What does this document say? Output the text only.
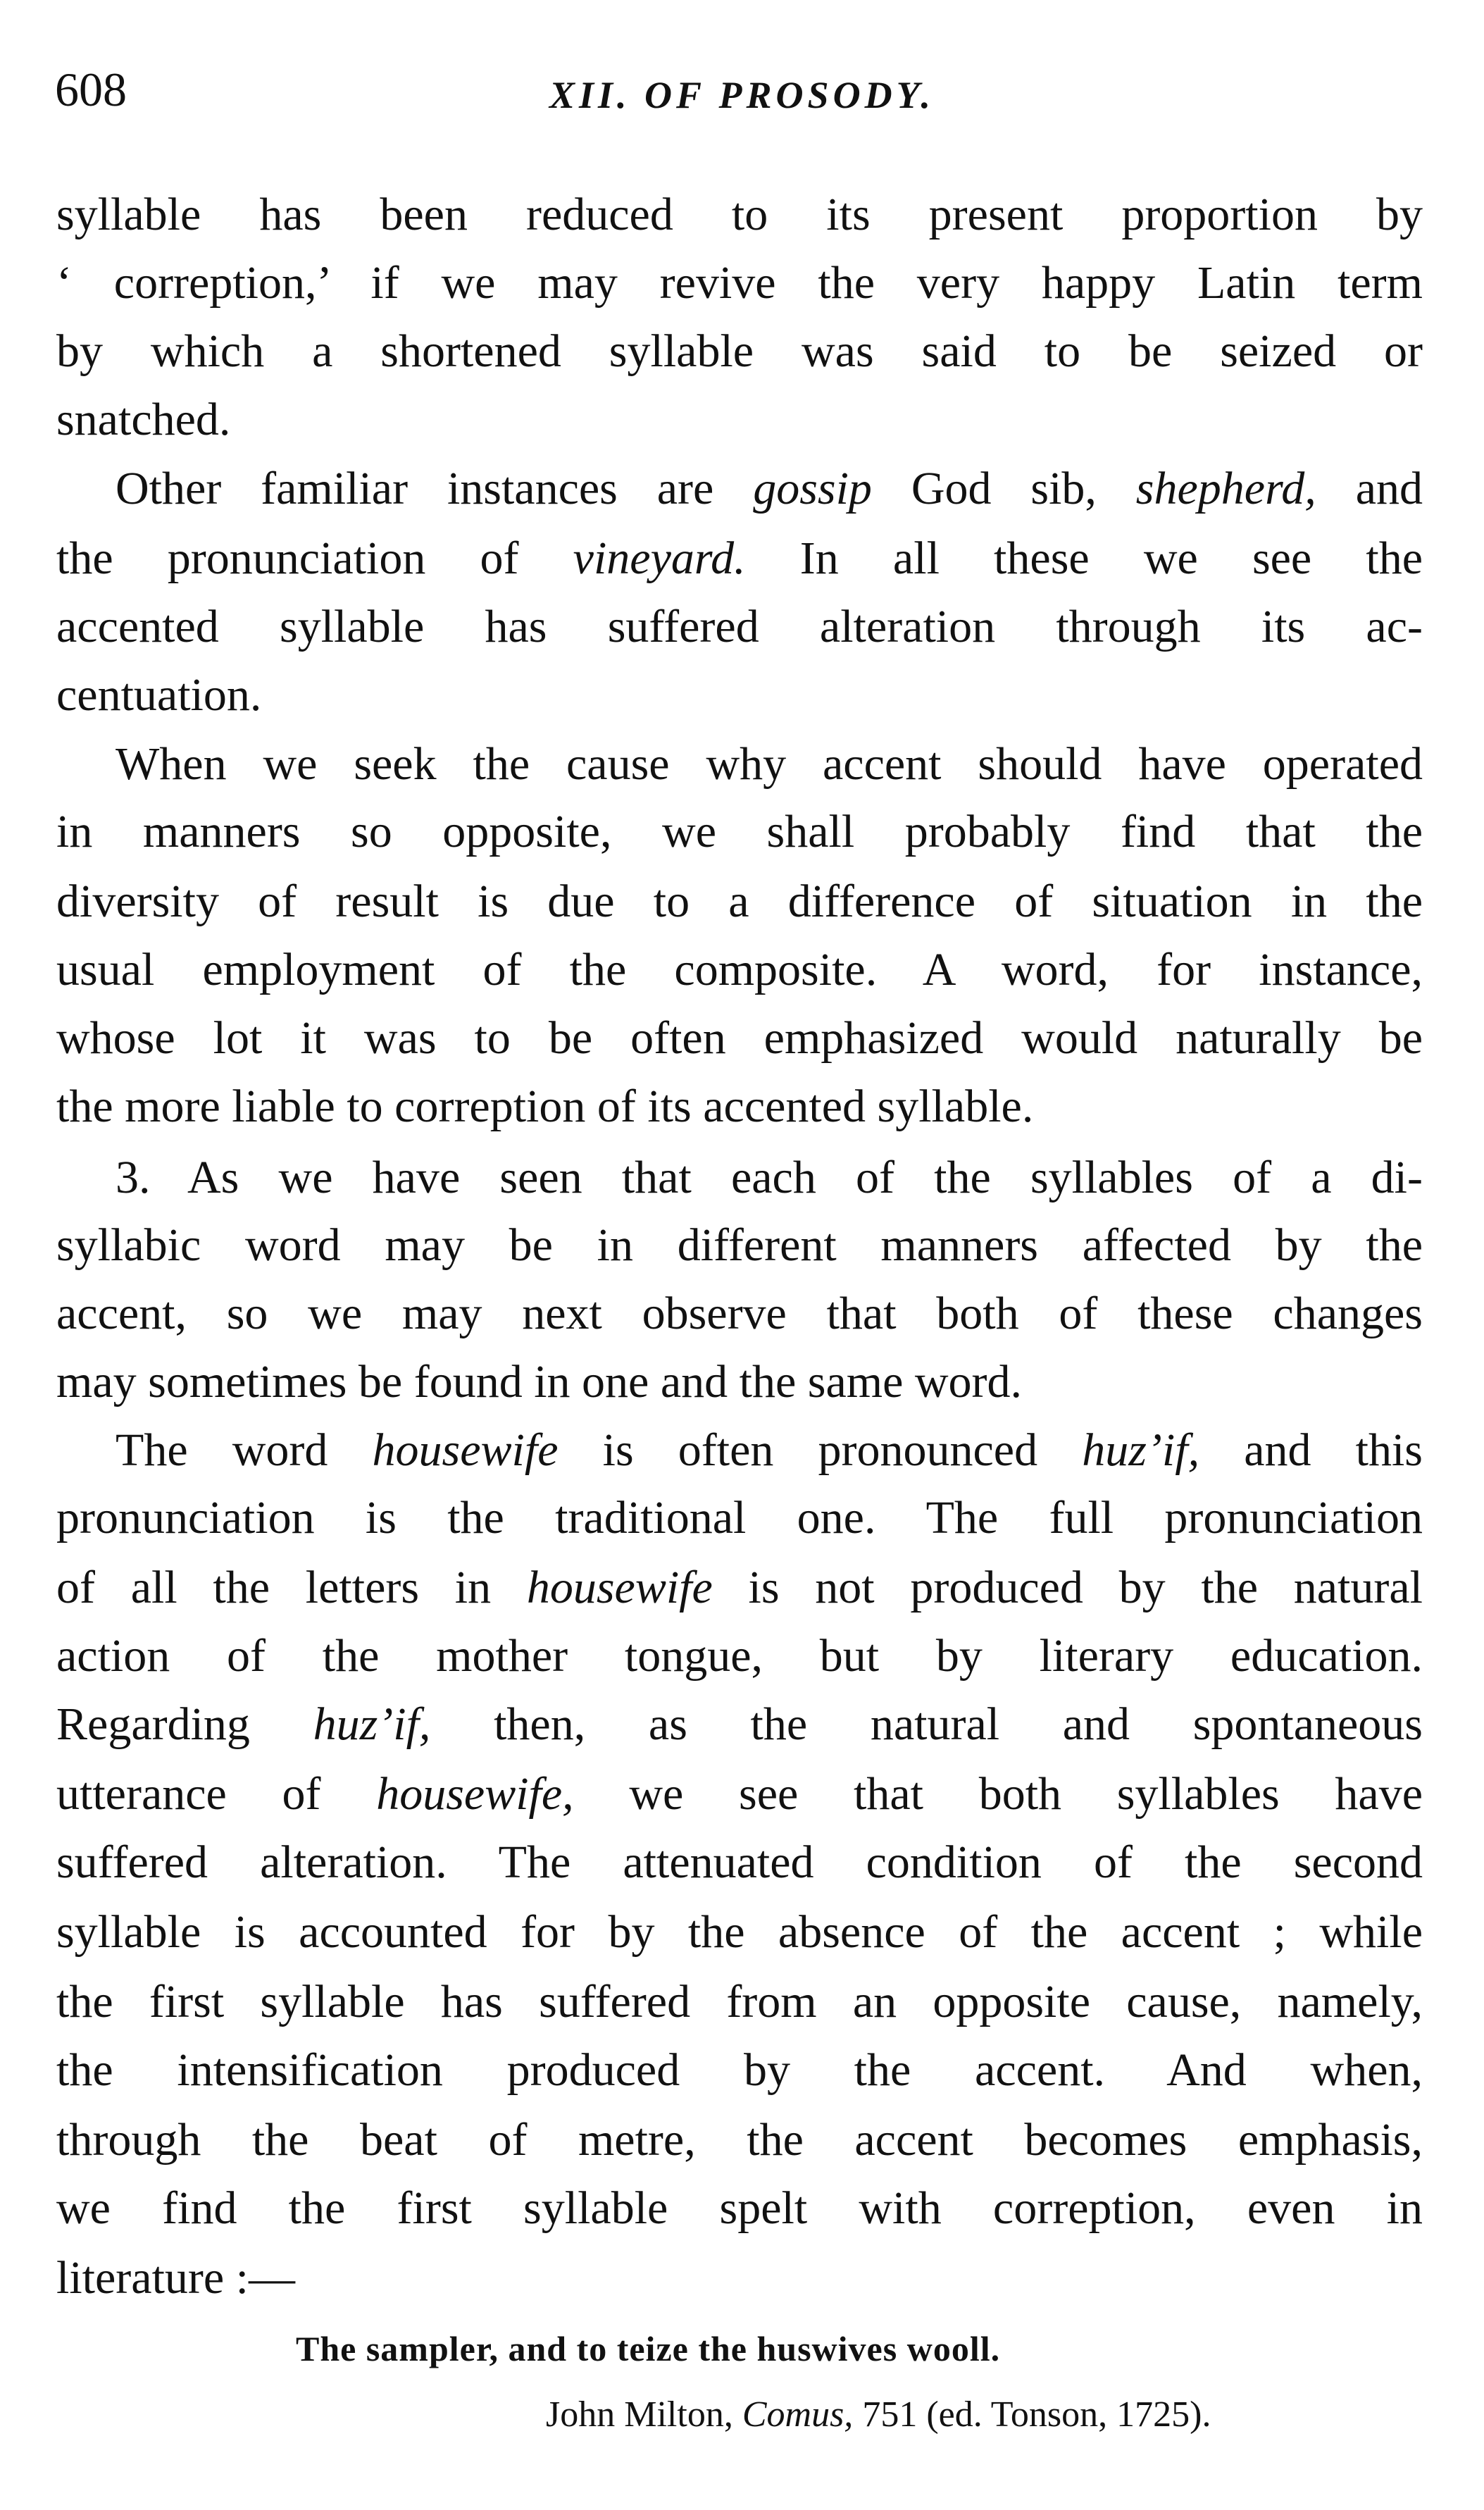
608	XII. OF PROSODY.
syllable has been reduced to its present proportion by
‘ correption,’ if we may revive the very happy Latin term
by which a shortened syllable was said to be seized or
snatched.
Other familiar instances are gossip God sib, shepherd, and
the pronunciation of vineyard. In all these we see the
accented syllable has suffered alteration through its ac-
centuation.
When we seek the cause why accent should have operated
in manners so opposite, we shall probably find that the
diversity of result is due to a difference of situation in the
usual employment of the composite. A word, for instance,
whose lot it was to be often emphasized would naturally be
the more liable to correption of its accented syllable.
3. As we have seen that each of the syllables of a di-
syllabic word may be in different manners affected by the
accent, so we may next observe that both of these changes
may sometimes be found in one and the same word.
The word housewife is often pronounced huz’if, and this
pronunciation is the traditional one. The full pronunciation
of all the letters in housewife is not produced by the natural
action of the mother tongue, but by literary education.
Regarding huz’if, then, as the natural and spontaneous
utterance of housewife, we see that both syllables have
suffered alteration. The attenuated condition of the second
syllable is accounted for by the absence of the accent ; while
the first syllable has suffered from an opposite cause, namely,
the intensification produced by the accent. And when,
through the beat of metre, the accent becomes emphasis,
we find the first syllable spelt with correption, even in
literature :—
The sampler, and to teize the huswives wooll.
John Milton, Comus, 751 (ed. Tonson, 1725).
